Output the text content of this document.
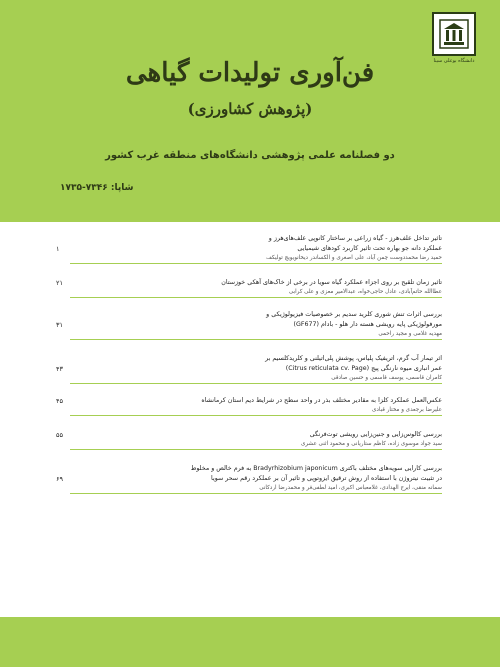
دانشگاه بوعلی سینا
فن‌آوری تولیدات گیاهی
(پژوهش کشاورزی)
دو فصلنامه علمی پژوهشی دانشگاه‌های منطقه غرب کشور
شاپا: ۷۳۴۶-۱۷۳۵
تاثیر تداخل علف‌هرز - گیاه زراعی بر ساختار کانوپی علف‌های‌هرز و
عملکرد دانه جو بهاره تحت تاثیر کاربرد کودهای شیمیایی
حمید رضا محمددوست چمن آباد، علی اصغری و الکساندر دیخانویویچ تولیکف
۱
تاثیر زمان تلقیح بر روی اجزاء عملکرد گیاه سویا در برخی از خاک‌های آهکی خوزستان
عطاالله حاتم‌آبادی، عادل حاجی‌خواه، عبدالامیر معزی و علی کرابی
۲۱
بررسی اثرات تنش شوری کلرید سدیم بر خصوصیات فیزیولوژیکی و
مورفولوژیکی پایه رویشی هسته دار هلو - بادام (GF677)
مهدیه غلامی و مجید راحمی
۳۱
اثر تیمار آب گرم، اتریفیک پلیاس، پوشش پلی‌اتیلنی و کلریدکلسیم بر
عمر انباری میوه نارنگی پیج (Citrus reticulata cv. Page)
کامران قاسمی، یوسف قاسمی و حسین صادقی
۴۳
عکس‌العمل عملکرد کلزا به مقادیر مختلف بذر در واحد سطح در شرایط دیم استان کرمانشاه
علیرضا برجعدی و مختار قبادی
۴۵
بررسی کالوس‌زایی و جنین‌زایی رویشی توت‌فرنگی
سید جواد موسوی زاده، کاظم ستاریانی و محمود اثنی عشری
۵۵
بررسی کارایی سویه‌های مختلف باکتری Bradyrhizobium japonicum به فرم خالص و مخلوط
در تثبیت نیتروژن با استفاده از روش ترقیق ایزوتوپی و تاثیر آن بر عملکرد رقم سحر سویا
سمانه منقی، ایرج الهدادی، غلامعباس اکبری، امید لطفی‌فر و محمدرضا اردکانی
۶۹
